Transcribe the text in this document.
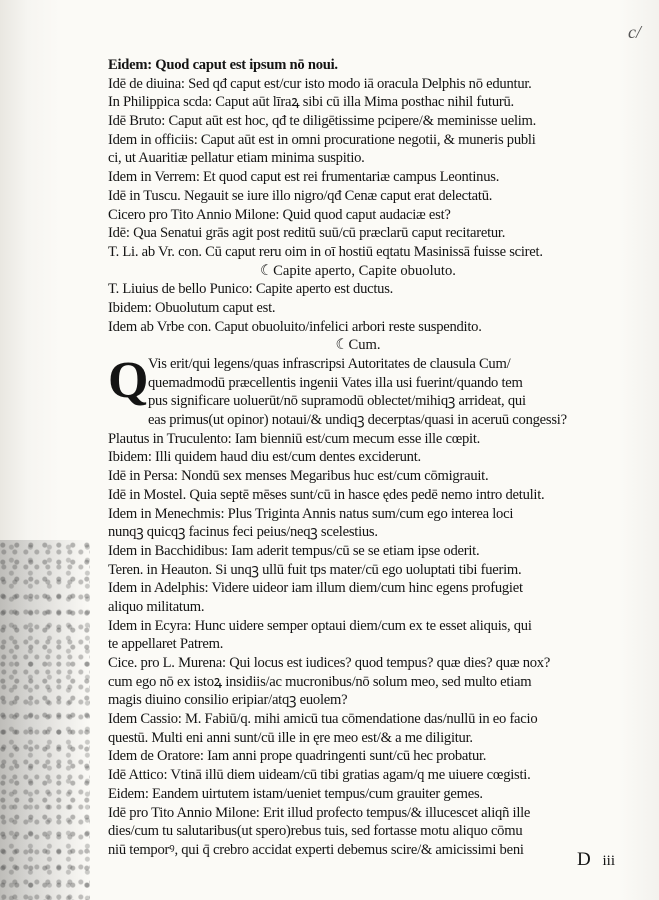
c/
Eidem: Quod caput est ipsum nō noui.
Idē de diuina: Sed qđ caput est/cur isto modo iā oracula Delphis nō eduntur.
In Philippica scda: Caput aūt līraꝝ sibi cū illa Mima posthac nihil futurū.
Idē Bruto: Caput aūt est hoc, qđ te diligētissime pcipere/& meminisse uelim.
Idem in officiis: Caput aūt est in omni procuratione negotii, & muneris publi
ci, ut Auaritiæ pellatur etiam minima suspitio.
Idem in Verrem: Et quod caput est rei frumentariæ campus Leontinus.
Idē in Tuscu. Negauit se iure illo nigro/qđ Cenæ caput erat delectatū.
Cicero pro Tito Annio Milone: Quid quod caput audaciæ est?
Idē: Qua Senatui grās agit post reditū suū/cū præclarū caput recitaretur.
T. Li. ab Vr. con. Cū caput reru oim in oī hostiū eqtatu Masinissā fuisse sciret.
☾Capite aperto, Capite obuoluto.
T. Liuius de bello Punico: Capite aperto est ductus.
Ibidem: Obuolutum caput est.
Idem ab Vrbe con. Caput obuoluito/infelici arbori reste suspendito.
☾Cum.
Q Vis erit/qui legens/quas infrascripsi Autoritates de clausula Cum/
quemadmodū præcellentis ingenii Vates illa usi fuerint/quando tem
pus significare uoluerūt/nō supramodū oblectet/mihiqꝫ arrideat, qui
eas primus(ut opinor) notaui/& undiqꝫ decerptas/quasi in aceruū congessi?
Plautus in Truculento: Iam bienniū est/cum mecum esse ille cœpit.
Ibidem: Illi quidem haud diu est/cum dentes exciderunt.
Idē in Persa: Nondū sex menses Megaribus huc est/cum cōmigrauit.
Idē in Mostel. Quia septē mēses sunt/cū in hasce ędes pedē nemo intro detulit.
Idem in Menechmis: Plus Triginta Annis natus sum/cum ego interea loci
nunqꝫ quicqꝫ facinus feci peius/neqꝫ scelestius.
Idem in Bacchidibus: Iam aderit tempus/cū se se etiam ipse oderit.
Teren. in Heauton. Si unqꝫ ullū fuit tps mater/cū ego uoluptati tibi fuerim.
Idem in Adelphis: Videre uideor iam illum diem/cum hinc egens profugiet
aliquo militatum.
Idem in Ecyra: Hunc uidere semper optaui diem/cum ex te esset aliquis, qui
te appellaret Patrem.
Cice. pro L. Murena: Qui locus est iudices? quod tempus? quæ dies? quæ nox?
cum ego nō ex istoꝝ insidiis/ac mucronibus/nō solum meo, sed multo etiam
magis diuino consilio eripiar/atqꝫ euolem?
Idem Cassio: M. Fabiū/q. mihi amicū tua cōmendatione das/nullū in eo facio
questū. Multi eni anni sunt/cū ille in ęre meo est/& a me diligitur.
Idem de Oratore: Iam anni prope quadringenti sunt/cū hec probatur.
Idē Attico: Vtinā illū diem uideam/cū tibi gratias agam/q me uiuere cœgisti.
Eidem: Eandem uirtutem istam/ueniet tempus/cum grauiter gemes.
Idē pro Tito Annio Milone: Erit illud profecto tempus/& illucescet aliqñ ille
dies/cum tu salutaribus(ut spero)rebus tuis, sed fortasse motu aliquo cōmu
niū temporꝰ, qui q̄ crebro accidat experti debemus scire/& amicissimi beni	D iii
